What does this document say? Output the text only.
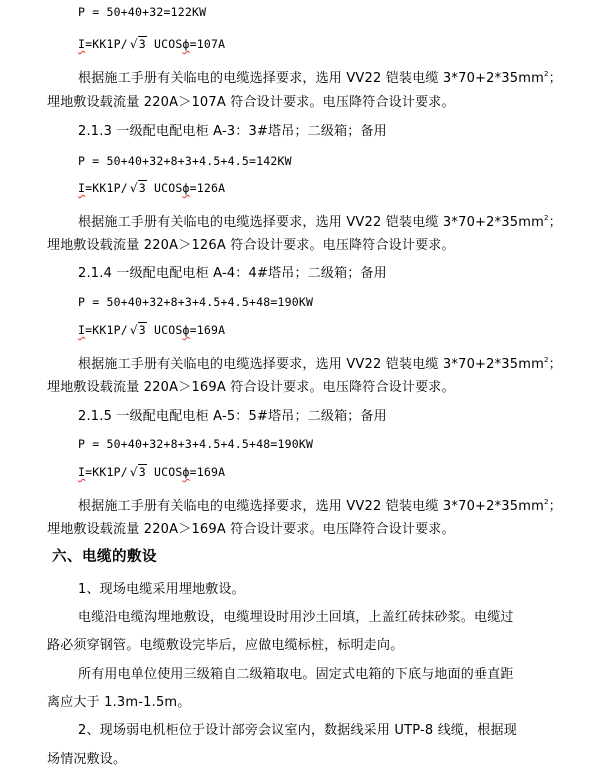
P = 50+40+32=122KW
I=KK1P/ √3 UCOSф=107A
根据施工手册有关临电的电缆选择要求，选用 VV22 铠装电缆 $3*70+2*35mm^2$；
埋地敷设载流量 220A＞107A 符合设计要求。电压降符合设计要求。
2.1.3 一级配电配电柜 A-3：3#塔吊；二级箱；备用
P = 50+40+32+8+3+4.5+4.5=142KW
I=KK1P/ √3 UCOSф=126A
根据施工手册有关临电的电缆选择要求，选用 VV22 铠装电缆 $3*70+2*35mm^2$；
埋地敷设载流量 220A＞126A 符合设计要求。电压降符合设计要求。
2.1.4 一级配电配电柜 A-4：4#塔吊；二级箱；备用
P = 50+40+32+8+3+4.5+4.5+48=190KW
I=KK1P/ √3 UCOSф=169A
根据施工手册有关临电的电缆选择要求，选用 VV22 铠装电缆 $3*70+2*35mm^2$；
埋地敷设载流量 220A＞169A 符合设计要求。电压降符合设计要求。
2.1.5 一级配电配电柜 A-5：5#塔吊；二级箱；备用
P = 50+40+32+8+3+4.5+4.5+48=190KW
I=KK1P/ √3 UCOSф=169A
根据施工手册有关临电的电缆选择要求，选用 VV22 铠装电缆 $3*70+2*35mm^2$；
埋地敷设载流量 220A＞169A 符合设计要求。电压降符合设计要求。
六、电缆的敷设
1、现场电缆采用埋地敷设。
电缆沿电缆沟埋地敷设，电缆埋设时用沙土回填，上盖红砖抹砂浆。电缆过
路必须穿钢管。电缆敷设完毕后，应做电缆标桩，标明走向。
所有用电单位使用三级箱自二级箱取电。固定式电箱的下底与地面的垂直距
离应大于 1.3m-1.5m。
2、现场弱电机柜位于设计部旁会议室内，数据线采用 UTP-8 线缆，根据现
场情况敷设。
